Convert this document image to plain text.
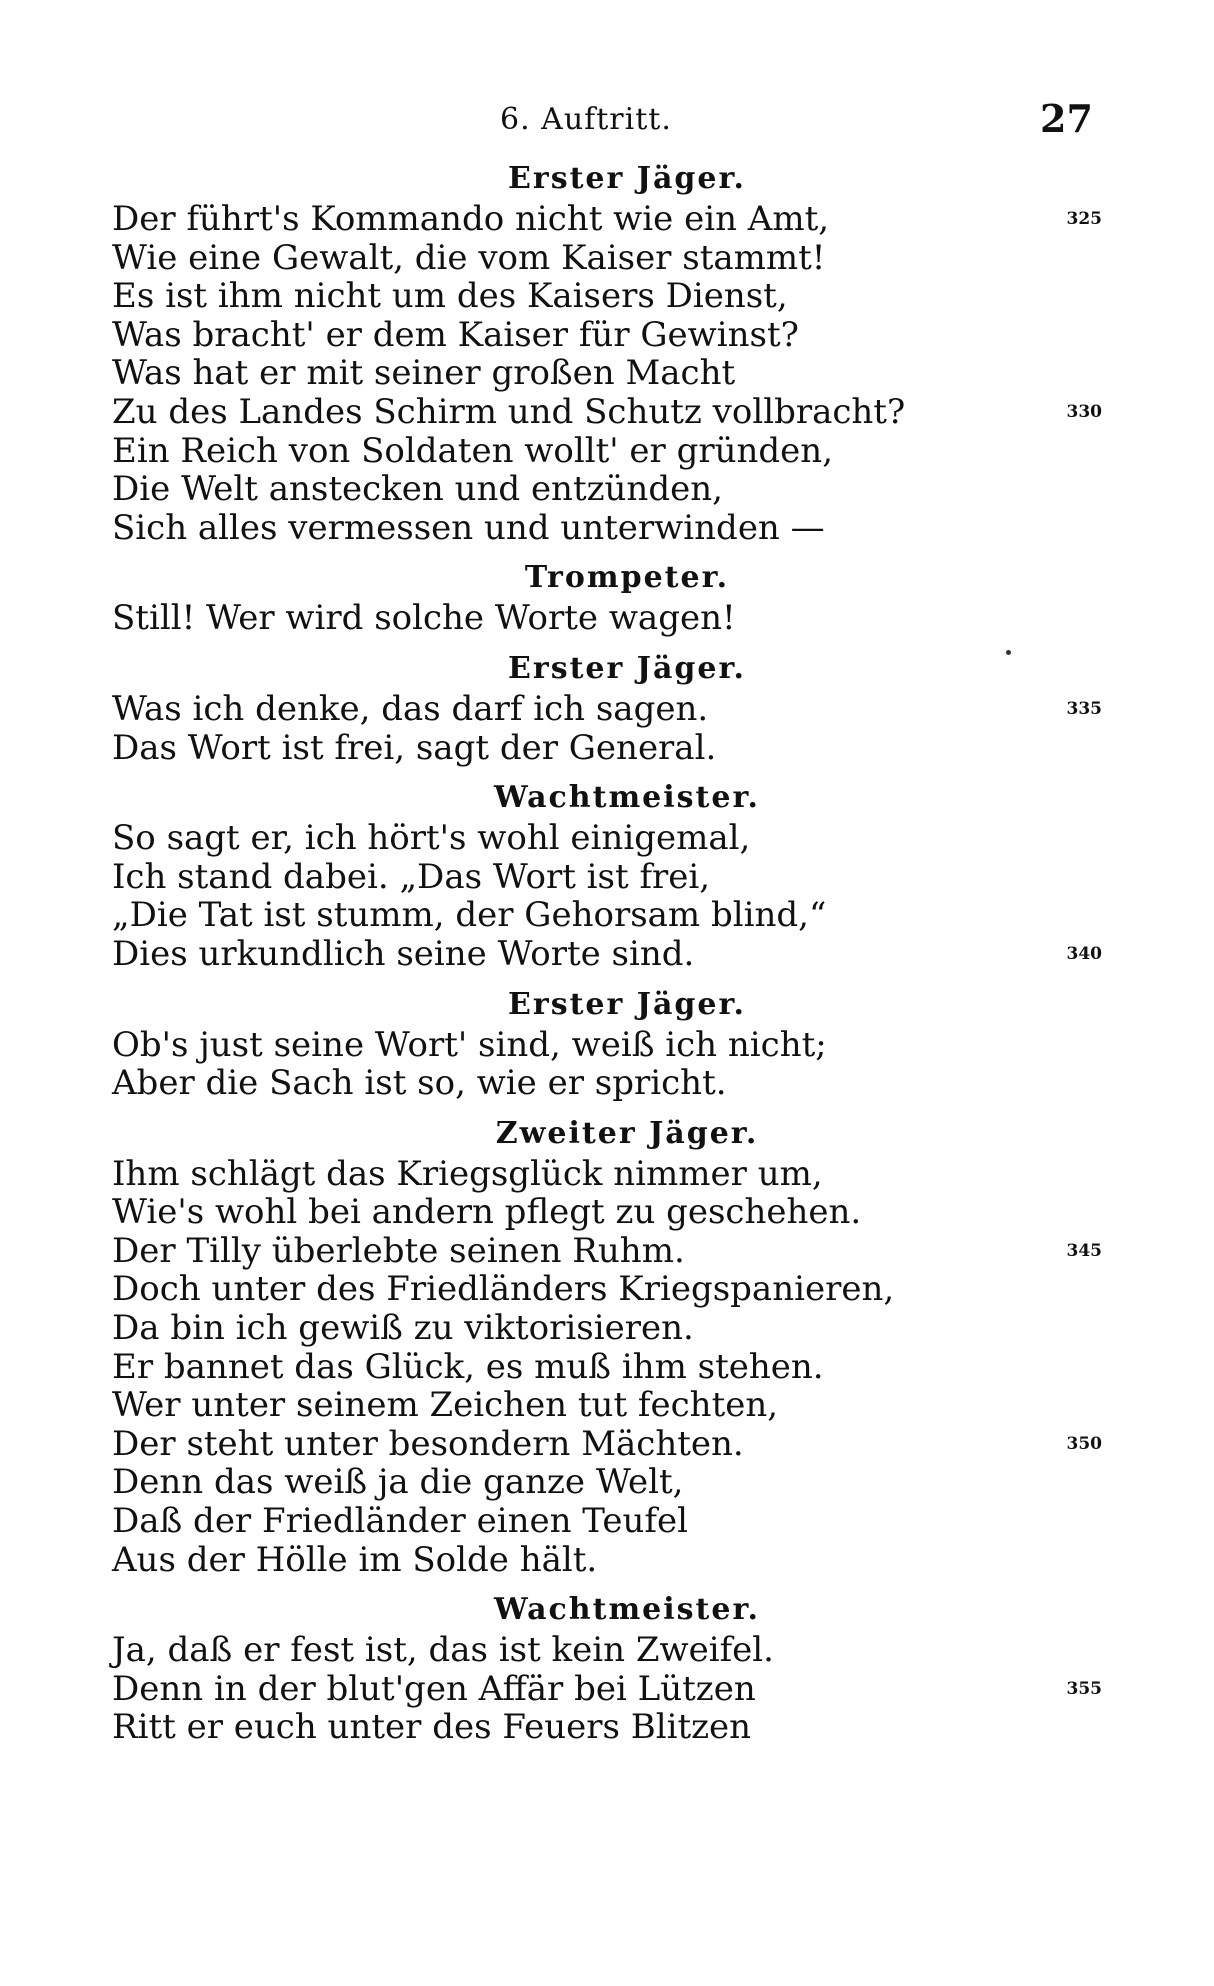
6. Auftritt.	27
Erster Jäger.
Der führt's Kommando nicht wie ein Amt,	325
Wie eine Gewalt, die vom Kaiser stammt!
Es ist ihm nicht um des Kaisers Dienst,
Was bracht' er dem Kaiser für Gewinst?
Was hat er mit seiner großen Macht
Zu des Landes Schirm und Schutz vollbracht?	330
Ein Reich von Soldaten wollt' er gründen,
Die Welt anstecken und entzünden,
Sich alles vermessen und unterwinden —
Trompeter.
Still! Wer wird solche Worte wagen!
Erster Jäger.
Was ich denke, das darf ich sagen.	335
Das Wort ist frei, sagt der General.
Wachtmeister.
So sagt er, ich hört's wohl einigemal,
Ich stand dabei. „Das Wort ist frei,
„Die Tat ist stumm, der Gehorsam blind,“
Dies urkundlich seine Worte sind.	340
Erster Jäger.
Ob's just seine Wort' sind, weiß ich nicht;
Aber die Sach ist so, wie er spricht.
Zweiter Jäger.
Ihm schlägt das Kriegsglück nimmer um,
Wie's wohl bei andern pflegt zu geschehen.
Der Tilly überlebte seinen Ruhm.	345
Doch unter des Friedländers Kriegspanieren,
Da bin ich gewiß zu viktorisieren.
Er bannet das Glück, es muß ihm stehen.
Wer unter seinem Zeichen tut fechten,
Der steht unter besondern Mächten.	350
Denn das weiß ja die ganze Welt,
Daß der Friedländer einen Teufel
Aus der Hölle im Solde hält.
Wachtmeister.
Ja, daß er fest ist, das ist kein Zweifel.
Denn in der blut'gen Affär bei Lützen	355
Ritt er euch unter des Feuers Blitzen
